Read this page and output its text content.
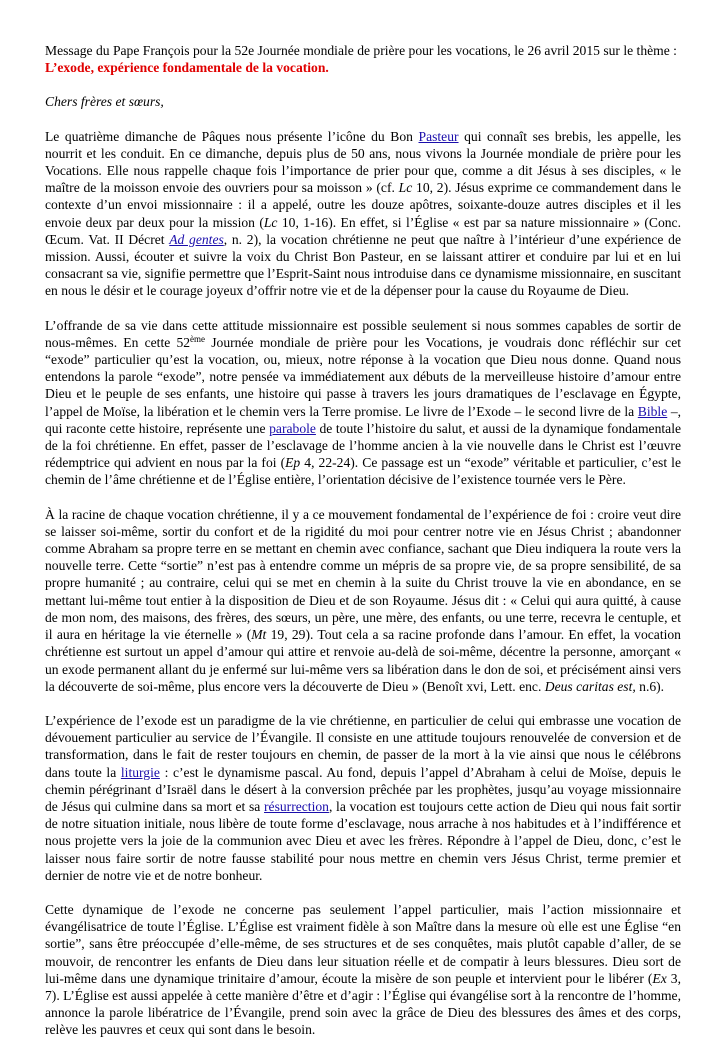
Message du Pape François pour la 52e Journée mondiale de prière pour les vocations, le 26 avril 2015 sur le thème :
L’exode, expérience fondamentale de la vocation.

Chers frères et sœurs,

Le quatrième dimanche de Pâques nous présente l’icône du Bon Pasteur qui connaît ses brebis, les appelle, les nourrit et les conduit. En ce dimanche, depuis plus de 50 ans, nous vivons la Journée mondiale de prière pour les Vocations. Elle nous rappelle chaque fois l’importance de prier pour que, comme a dit Jésus à ses disciples, « le maître de la moisson envoie des ouvriers pour sa moisson » (cf. Lc 10, 2). Jésus exprime ce commandement dans le contexte d’un envoi missionnaire : il a appelé, outre les douze apôtres, soixante-douze autres disciples et il les envoie deux par deux pour la mission (Lc 10, 1-16). En effet, si l’Église « est par sa nature missionnaire » (Conc. Œcum. Vat. II Décret Ad gentes, n. 2), la vocation chrétienne ne peut que naître à l’intérieur d’une expérience de mission. Aussi, écouter et suivre la voix du Christ Bon Pasteur, en se laissant attirer et conduire par lui et en lui consacrant sa vie, signifie permettre que l’Esprit-Saint nous introduise dans ce dynamisme missionnaire, en suscitant en nous le désir et le courage joyeux d’offrir notre vie et de la dépenser pour la cause du Royaume de Dieu.

L’offrande de sa vie dans cette attitude missionnaire est possible seulement si nous sommes capables de sortir de nous-mêmes. En cette 52ème Journée mondiale de prière pour les Vocations, je voudrais donc réfléchir sur cet “exode” particulier qu’est la vocation, ou, mieux, notre réponse à la vocation que Dieu nous donne. Quand nous entendons la parole “exode”, notre pensée va immédiatement aux débuts de la merveilleuse histoire d’amour entre Dieu et le peuple de ses enfants, une histoire qui passe à travers les jours dramatiques de l’esclavage en Égypte, l’appel de Moïse, la libération et le chemin vers la Terre promise. Le livre de l’Exode – le second livre de la Bible –, qui raconte cette histoire, représente une parabole de toute l’histoire du salut, et aussi de la dynamique fondamentale de la foi chrétienne. En effet, passer de l’esclavage de l’homme ancien à la vie nouvelle dans le Christ est l’œuvre rédemptrice qui advient en nous par la foi (Ep 4, 22-24). Ce passage est un “exode” véritable et particulier, c’est le chemin de l’âme chrétienne et de l’Église entière, l’orientation décisive de l’existence tournée vers le Père.

À la racine de chaque vocation chrétienne, il y a ce mouvement fondamental de l’expérience de foi : croire veut dire se laisser soi-même, sortir du confort et de la rigidité du moi pour centrer notre vie en Jésus Christ ; abandonner comme Abraham sa propre terre en se mettant en chemin avec confiance, sachant que Dieu indiquera la route vers la nouvelle terre. Cette “sortie” n’est pas à entendre comme un mépris de sa propre vie, de sa propre sensibilité, de sa propre humanité ; au contraire, celui qui se met en chemin à la suite du Christ trouve la vie en abondance, en se mettant lui-même tout entier à la disposition de Dieu et de son Royaume. Jésus dit : « Celui qui aura quitté, à cause de mon nom, des maisons, des frères, des sœurs, un père, une mère, des enfants, ou une terre, recevra le centuple, et il aura en héritage la vie éternelle » (Mt 19, 29). Tout cela a sa racine profonde dans l’amour. En effet, la vocation chrétienne est surtout un appel d’amour qui attire et renvoie au-delà de soi-même, décentre la personne, amorçant « un exode permanent allant du je enfermé sur lui-même vers sa libération dans le don de soi, et précisément ainsi vers la découverte de soi-même, plus encore vers la découverte de Dieu » (Benoît xvi, Lett. enc. Deus caritas est, n.6).

L’expérience de l’exode est un paradigme de la vie chrétienne, en particulier de celui qui embrasse une vocation de dévouement particulier au service de l’Évangile. Il consiste en une attitude toujours renouvelée de conversion et de transformation, dans le fait de rester toujours en chemin, de passer de la mort à la vie ainsi que nous le célébrons dans toute la liturgie : c’est le dynamisme pascal. Au fond, depuis l’appel d’Abraham à celui de Moïse, depuis le chemin pérégrinant d’Israël dans le désert à la conversion prêchée par les prophètes, jusqu’au voyage missionnaire de Jésus qui culmine dans sa mort et sa résurrection, la vocation est toujours cette action de Dieu qui nous fait sortir de notre situation initiale, nous libère de toute forme d’esclavage, nous arrache à nos habitudes et à l’indifférence et nous projette vers la joie de la communion avec Dieu et avec les frères. Répondre à l’appel de Dieu, donc, c’est le laisser nous faire sortir de notre fausse stabilité pour nous mettre en chemin vers Jésus Christ, terme premier et dernier de notre vie et de notre bonheur.

Cette dynamique de l’exode ne concerne pas seulement l’appel particulier, mais l’action missionnaire et évangélisatrice de toute l’Église. L’Église est vraiment fidèle à son Maître dans la mesure où elle est une Église “en sortie”, sans être préoccupée d’elle-même, de ses structures et de ses conquêtes, mais plutôt capable d’aller, de se mouvoir, de rencontrer les enfants de Dieu dans leur situation réelle et de compatir à leurs blessures. Dieu sort de lui-même dans une dynamique trinitaire d’amour, écoute la misère de son peuple et intervient pour le libérer (Ex 3, 7). L’Église est aussi appelée à cette manière d’être et d’agir : l’Église qui évangélise sort à la rencontre de l’homme, annonce la parole libératrice de l’Évangile, prend soin avec la grâce de Dieu des blessures des âmes et des corps, relève les pauvres et ceux qui sont dans le besoin.
